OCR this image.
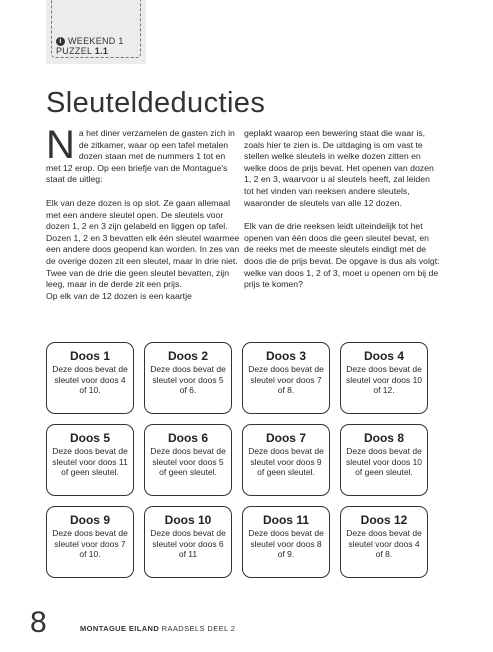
i WEEKEND 1
PUZZEL 1.1
Sleuteldeducties

Na het diner verzamelen de gasten zich in de zitkamer, waar op een tafel metalen dozen staan met de nummers 1 tot en met 12 erop. Op een briefje van de Montague's staat de uitleg:

Elk van deze dozen is op slot. Ze gaan allemaal met een andere sleutel open. De sleutels voor dozen 1, 2 en 3 zijn gelabeld en liggen op tafel. Dozen 1, 2 en 3 bevatten elk één sleutel waarmee een andere doos geopend kan worden. In zes van de overige dozen zit een sleutel, maar in drie niet. Twee van de drie die geen sleutel bevatten, zijn leeg, maar in de derde zit een prijs.

Op elk van de 12 dozen is een kaartje

geplakt waarop een bewering staat die waar is, zoals hier te zien is. De uitdaging is om vast te stellen welke sleutels in welke dozen zitten en welke doos de prijs bevat. Het openen van dozen 1, 2 en 3, waarvoor u al sleutels heeft, zal leiden tot het vinden van reeksen andere sleutels, waaronder de sleutels van alle 12 dozen.

Elk van de drie reeksen leidt uiteindelijk tot het openen van één doos die geen sleutel bevat, en de reeks met de meeste sleutels eindigt met de doos die de prijs bevat. De opgave is dus als volgt: welke van doos 1, 2 of 3, moet u openen om bij de prijs te komen?

Doos 1
Deze doos bevat de sleutel voor doos 4 of 10.
Doos 2
Deze doos bevat de sleutel voor doos 5 of 6.
Doos 3
Deze doos bevat de sleutel voor doos 7 of 8.
Doos 4
Deze doos bevat de sleutel voor doos 10 of 12.
Doos 5
Deze doos bevat de sleutel voor doos 11 of geen sleutel.
Doos 6
Deze doos bevat de sleutel voor doos 5 of geen sleutel.
Doos 7
Deze doos bevat de sleutel voor doos 9 of geen sleutel.
Doos 8
Deze doos bevat de sleutel voor doos 10 of geen sleutel.
Doos 9
Deze doos bevat de sleutel voor doos 7 of 10.
Doos 10
Deze doos bevat de sleutel voor doos 6 of 11
Doos 11
Deze doos bevat de sleutel voor doos 8 of 9.
Doos 12
Deze doos bevat de sleutel voor doos 4 of 8.
8	MONTAGUE EILAND RAADSELS DEEL 2
